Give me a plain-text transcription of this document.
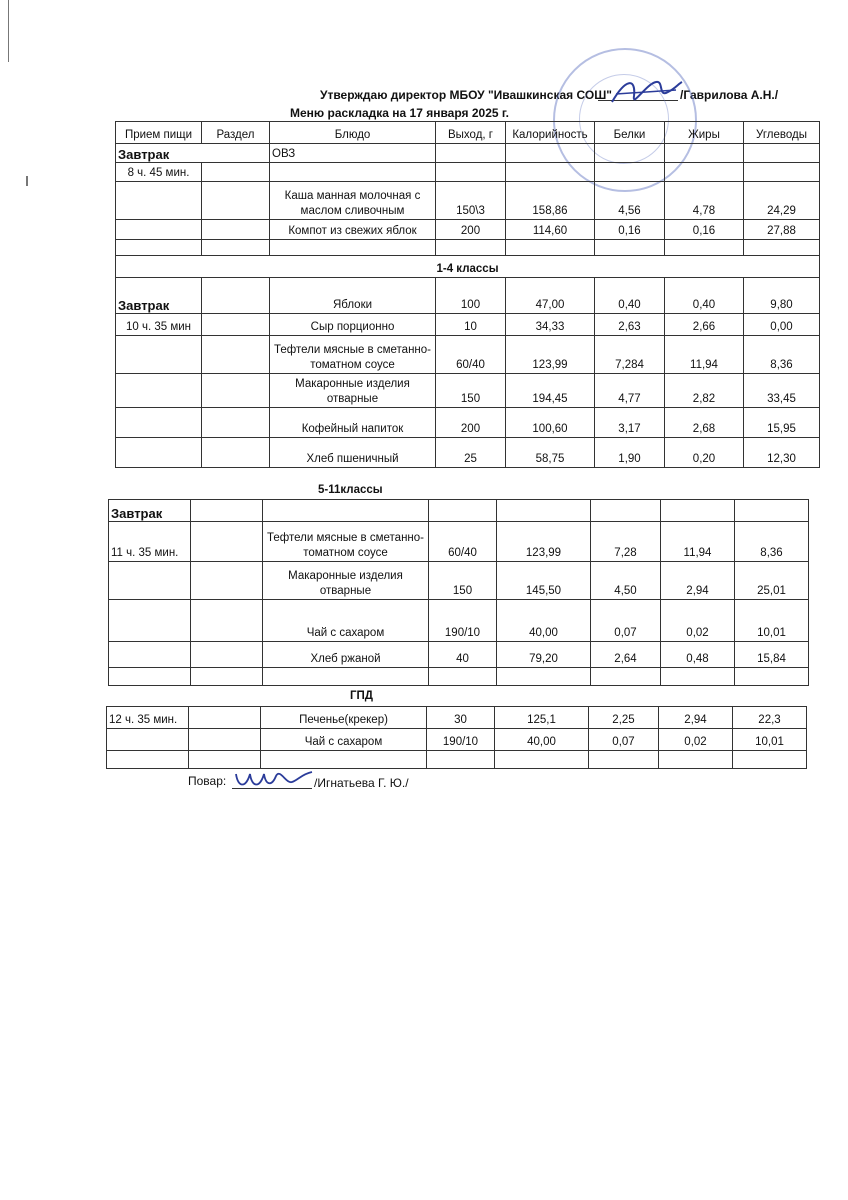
Утверждаю директор МБОУ "Ивашкинская СОШ"	/Гаврилова А.Н./
Меню раскладка на 17 января 2025 г.
Прием пищи	Раздел	Блюдо	Выход, г	Калорийность	Белки	Жиры	Углеводы
Завтрак		ОВЗ					
8 ч. 45 мин.							
		Каша манная молочная с маслом сливочным	150\3	158,86	4,56	4,78	24,29
		Компот из свежих яблок	200	114,60	0,16	0,16	27,88

1-4 классы							
Завтрак		Яблоки	100	47,00	0,40	0,40	9,80
10 ч. 35 мин		Сыр порционно	10	34,33	2,63	2,66	0,00
		Тефтели мясные в сметанно-томатном соусе	60/40	123,99	7,284	11,94	8,36
		Макаронные изделия отварные	150	194,45	4,77	2,82	33,45
		Кофейный напиток	200	100,60	3,17	2,68	15,95
		Хлеб пшеничный	25	58,75	1,90	0,20	12,30
5-11классы
Завтрак							
11 ч. 35 мин.		Тефтели мясные в сметанно-томатном соусе	60/40	123,99	7,28	11,94	8,36
		Макаронные изделия отварные	150	145,50	4,50	2,94	25,01
		Чай с сахаром	190/10	40,00	0,07	0,02	10,01
		Хлеб ржаной	40	79,20	2,64	0,48	15,84

ГПД
12 ч. 35 мин.		Печенье(крекер)	30	125,1	2,25	2,94	22,3
		Чай с сахаром	190/10	40,00	0,07	0,02	10,01

Повар:	/Игнатьева Г. Ю./
